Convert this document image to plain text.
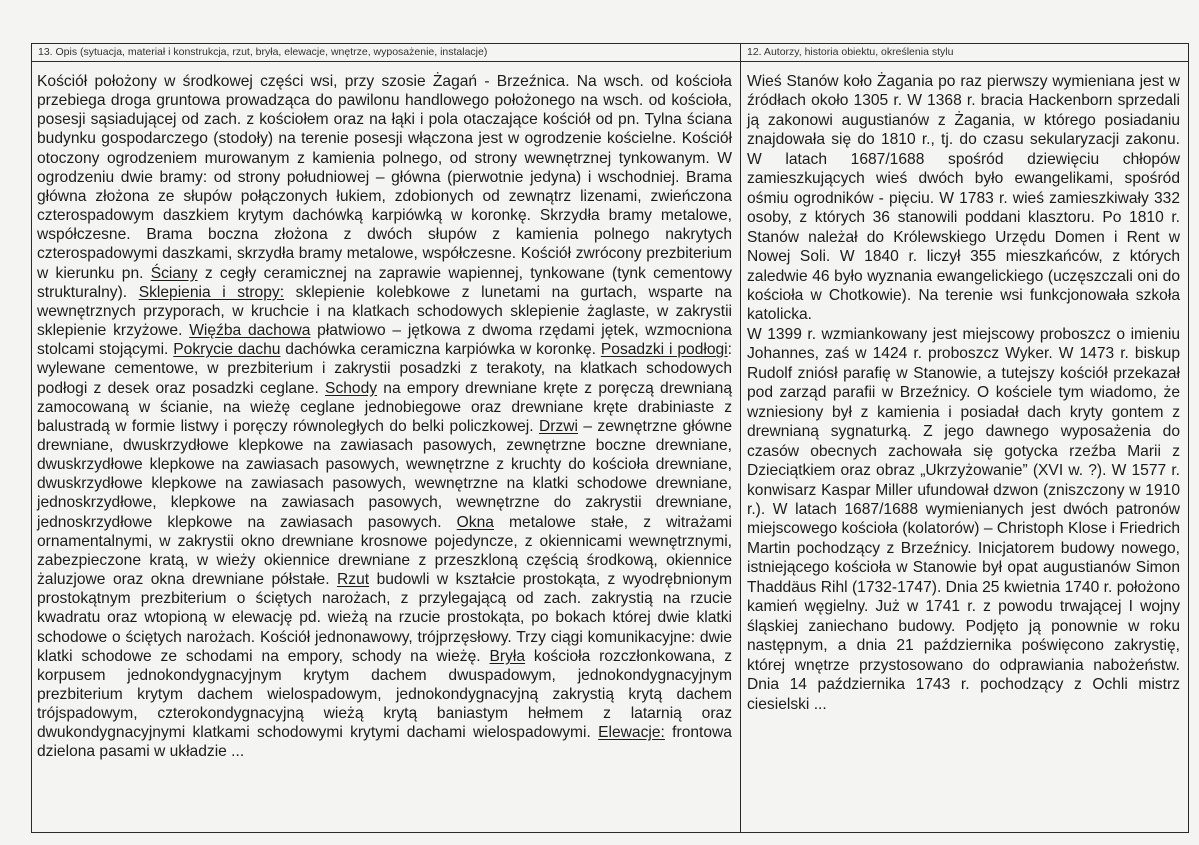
13. Opis (sytuacja, materiał i konstrukcja, rzut, bryła, elewacje, wnętrze, wyposażenie, instalacje)
Kościół położony w środkowej części wsi, przy szosie Żagań - Brzeźnica. Na wsch. od kościoła przebiega droga gruntowa prowadząca do pawilonu handlowego położonego na wsch. od kościoła, posesji sąsiadującej od zach. z kościołem oraz na łąki i pola otaczające kościół od pn. Tylna ściana budynku gospodarczego (stodoły) na terenie posesji włączona jest w ogrodzenie kościelne. Kościół otoczony ogrodzeniem murowanym z kamienia polnego, od strony wewnętrznej tynkowanym. W ogrodzeniu dwie bramy: od strony południowej – główna (pierwotnie jedyna) i wschodniej. Brama główna złożona ze słupów połączonych łukiem, zdobionych od zewnątrz lizenami, zwieńczona czterospadowym daszkiem krytym dachówką karpiówką w koronkę. Skrzydła bramy metalowe, współczesne. Brama boczna złożona z dwóch słupów z kamienia polnego nakrytych czterospadowymi daszkami, skrzydła bramy metalowe, współczesne. Kościół zwrócony prezbiterium w kierunku pn. Ściany z cegły ceramicznej na zaprawie wapiennej, tynkowane (tynk cementowy strukturalny). Sklepienia i stropy: sklepienie kolebkowe z lunetami na gurtach, wsparte na wewnętrznych przyporach, w kruchcie i na klatkach schodowych sklepienie żaglaste, w zakrystii sklepienie krzyżowe. Więźba dachowa płatwiowo – jętkowa z dwoma rzędami jętek, wzmocniona stolcami stojącymi. Pokrycie dachu dachówka ceramiczna karpiówka w koronkę. Posadzki i podłogi: wylewane cementowe, w prezbiterium i zakrystii posadzki z terakoty, na klatkach schodowych podłogi z desek oraz posadzki ceglane. Schody na empory drewniane kręte z poręczą drewnianą zamocowaną w ścianie, na wieżę ceglane jednobiegowe oraz drewniane kręte drabiniaste z balustradą w formie listwy i poręczy równoległych do belki policzkowej. Drzwi – zewnętrzne główne drewniane, dwuskrzydłowe klepkowe na zawiasach pasowych, zewnętrzne boczne drewniane, dwuskrzydłowe klepkowe na zawiasach pasowych, wewnętrzne z kruchty do kościoła drewniane, dwuskrzydłowe klepkowe na zawiasach pasowych, wewnętrzne na klatki schodowe drewniane, jednoskrzydłowe, klepkowe na zawiasach pasowych, wewnętrzne do zakrystii drewniane, jednoskrzydłowe klepkowe na zawiasach pasowych. Okna metalowe stałe, z witrażami ornamentalnymi, w zakrystii okno drewniane krosnowe pojedyncze, z okiennicami wewnętrznymi, zabezpieczone kratą, w wieży okiennice drewniane z przeszkloną częścią środkową, okiennice żaluzjowe oraz okna drewniane półstałe. Rzut budowli w kształcie prostokąta, z wyodrębnionym prostokątnym prezbiterium o ściętych narożach, z przylegającą od zach. zakrystią na rzucie kwadratu oraz wtopioną w elewację pd. wieżą na rzucie prostokąta, po bokach której dwie klatki schodowe o ściętych narożach. Kościół jednonawowy, trójprzęsłowy. Trzy ciągi komunikacyjne: dwie klatki schodowe ze schodami na empory, schody na wieżę. Bryła kościoła rozczłonkowana, z korpusem jednokondygnacyjnym krytym dachem dwuspadowym, jednokondygnacyjnym prezbiterium krytym dachem wielospadowym, jednokondygnacyjną zakrystią krytą dachem trójspadowym, czterokondygnacyjną wieżą krytą baniastym hełmem z latarnią oraz dwukondygnacyjnymi klatkami schodowymi krytymi dachami wielospadowymi. Elewacje: frontowa dzielona pasami w układzie ...
12. Autorzy, historia obiektu, określenia stylu
Wieś Stanów koło Żagania po raz pierwszy wymieniana jest w źródłach około 1305 r. W 1368 r. bracia Hackenborn sprzedali ją zakonowi augustianów z Żagania, w którego posiadaniu znajdowała się do 1810 r., tj. do czasu sekularyzacji zakonu. W latach 1687/1688 spośród dziewięciu chłopów zamieszkujących wieś dwóch było ewangelikami, spośród ośmiu ogrodników - pięciu. W 1783 r. wieś zamieszkiwały 332 osoby, z których 36 stanowili poddani klasztoru. Po 1810 r. Stanów należał do Królewskiego Urzędu Domen i Rent w Nowej Soli. W 1840 r. liczył 355 mieszkańców, z których zaledwie 46 było wyznania ewangelickiego (uczęszczali oni do kościoła w Chotkowie). Na terenie wsi funkcjonowała szkoła katolicka.
W 1399 r. wzmiankowany jest miejscowy proboszcz o imieniu Johannes, zaś w 1424 r. proboszcz Wyker. W 1473 r. biskup Rudolf zniósł parafię w Stanowie, a tutejszy kościół przekazał pod zarząd parafii w Brzeźnicy. O kościele tym wiadomo, że wzniesiony był z kamienia i posiadał dach kryty gontem z drewnianą sygnaturką. Z jego dawnego wyposażenia do czasów obecnych zachowała się gotycka rzeźba Marii z Dzieciątkiem oraz obraz „Ukrzyżowanie” (XVI w. ?). W 1577 r. konwisarz Kaspar Miller ufundował dzwon (zniszczony w 1910 r.). W latach 1687/1688 wymienianych jest dwóch patronów miejscowego kościoła (kolatorów) – Christoph Klose i Friedrich Martin pochodzący z Brzeźnicy. Inicjatorem budowy nowego, istniejącego kościoła w Stanowie był opat augustianów Simon Thaddäus Rihl (1732-1747). Dnia 25 kwietnia 1740 r. położono kamień węgielny. Już w 1741 r. z powodu trwającej I wojny śląskiej zaniechano budowy. Podjęto ją ponownie w roku następnym, a dnia 21 października poświęcono zakrystię, której wnętrze przystosowano do odprawiania nabożeństw. Dnia 14 października 1743 r. pochodzący z Ochli mistrz ciesielski ...
